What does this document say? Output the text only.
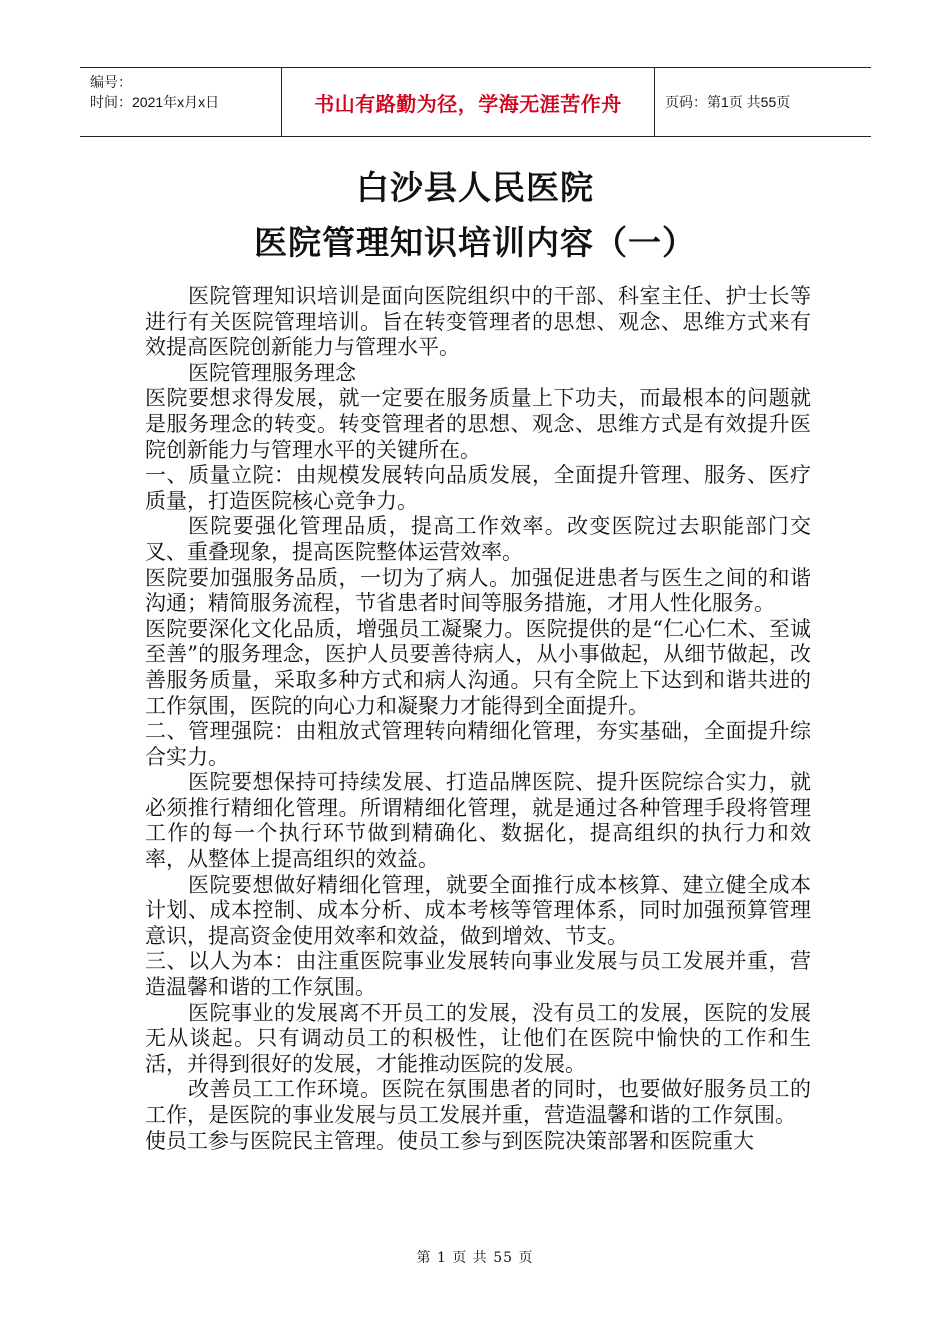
编号：
时间：2021年x月x日	书山有路勤为径，学海无涯苦作舟	页码：第1页 共55页
白沙县人民医院
医院管理知识培训内容（一）

医院管理知识培训是面向医院组织中的干部、科室主任、护士长等进行有关医院管理培训。旨在转变管理者的思想、观念、思维方式来有效提高医院创新能力与管理水平。

医院管理服务理念

医院要想求得发展，就一定要在服务质量上下功夫，而最根本的问题就是服务理念的转变。转变管理者的思想、观念、思维方式是有效提升医院创新能力与管理水平的关键所在。

一、质量立院：由规模发展转向品质发展，全面提升管理、服务、医疗质量，打造医院核心竞争力。

医院要强化管理品质，提高工作效率。改变医院过去职能部门交叉、重叠现象，提高医院整体运营效率。

医院要加强服务品质，一切为了病人。加强促进患者与医生之间的和谐沟通；精简服务流程，节省患者时间等服务措施，才用人性化服务。

医院要深化文化品质，增强员工凝聚力。医院提供的是“仁心仁术、至诚至善”的服务理念，医护人员要善待病人，从小事做起，从细节做起，改善服务质量，采取多种方式和病人沟通。只有全院上下达到和谐共进的工作氛围，医院的向心力和凝聚力才能得到全面提升。

二、管理强院：由粗放式管理转向精细化管理，夯实基础，全面提升综合实力。

医院要想保持可持续发展、打造品牌医院、提升医院综合实力，就必须推行精细化管理。所谓精细化管理，就是通过各种管理手段将管理工作的每一个执行环节做到精确化、数据化，提高组织的执行力和效率，从整体上提高组织的效益。

医院要想做好精细化管理，就要全面推行成本核算、建立健全成本计划、成本控制、成本分析、成本考核等管理体系，同时加强预算管理意识，提高资金使用效率和效益，做到增效、节支。

三、以人为本：由注重医院事业发展转向事业发展与员工发展并重，营造温馨和谐的工作氛围。

医院事业的发展离不开员工的发展，没有员工的发展，医院的发展无从谈起。只有调动员工的积极性，让他们在医院中愉快的工作和生活，并得到很好的发展，才能推动医院的发展。

改善员工工作环境。医院在氛围患者的同时，也要做好服务员工的工作，是医院的事业发展与员工发展并重，营造温馨和谐的工作氛围。

使员工参与医院民主管理。使员工参与到医院决策部署和医院重大

第 1 页 共 55 页
